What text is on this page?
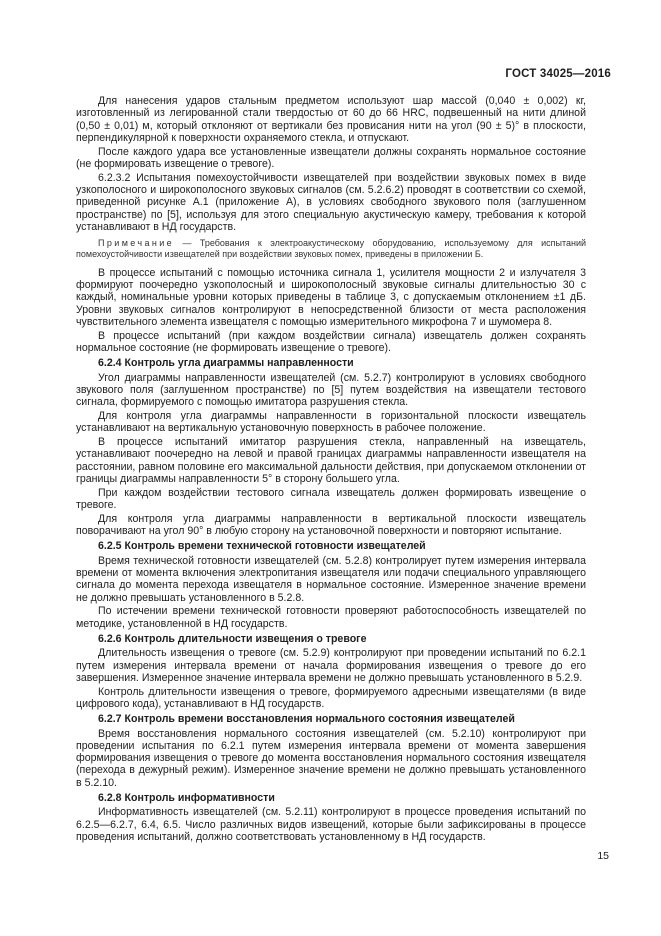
ГОСТ 34025—2016

Для нанесения ударов стальным предметом используют шар массой (0,040 ± 0,002) кг, изготовленный из легированной стали твердостью от 60 до 66 HRC, подвешенный на нити длиной (0,50 ± 0,01) м, который отклоняют от вертикали без провисания нити на угол (90 ± 5)° в плоскости, перпендикулярной к поверхности охраняемого стекла, и отпускают.

После каждого удара все установленные извещатели должны сохранять нормальное состояние (не формировать извещение о тревоге).

6.2.3.2 Испытания помехоустойчивости извещателей при воздействии звуковых помех в виде узкополосного и широкополосного звуковых сигналов (см. 5.2.6.2) проводят в соответствии со схемой, приведенной рисунке А.1 (приложение А), в условиях свободного звукового поля (заглушенном пространстве) по [5], используя для этого специальную акустическую камеру, требования к которой устанавливают в НД государств.

Примечание — Требования к электроакустическому оборудованию, используемому для испытаний помехоустойчивости извещателей при воздействии звуковых помех, приведены в приложении Б.

В процессе испытаний с помощью источника сигнала 1, усилителя мощности 2 и излучателя 3 формируют поочередно узкополосный и широкополосный звуковые сигналы длительностью 30 с каждый, номинальные уровни которых приведены в таблице 3, с допускаемым отклонением ±1 дБ. Уровни звуковых сигналов контролируют в непосредственной близости от места расположения чувствительного элемента извещателя с помощью измерительного микрофона 7 и шумомера 8.

В процессе испытаний (при каждом воздействии сигнала) извещатель должен сохранять нормальное состояние (не формировать извещение о тревоге).

6.2.4 Контроль угла диаграммы направленности

Угол диаграммы направленности извещателей (см. 5.2.7) контролируют в условиях свободного звукового поля (заглушенном пространстве) по [5] путем воздействия на извещатели тестового сигнала, формируемого с помощью имитатора разрушения стекла.

Для контроля угла диаграммы направленности в горизонтальной плоскости извещатель устанавливают на вертикальную установочную поверхность в рабочее положение.

В процессе испытаний имитатор разрушения стекла, направленный на извещатель, устанавливают поочередно на левой и правой границах диаграммы направленности извещателя на расстоянии, равном половине его максимальной дальности действия, при допускаемом отклонении от границы диаграммы направленности 5° в сторону большего угла.

При каждом воздействии тестового сигнала извещатель должен формировать извещение о тревоге.

Для контроля угла диаграммы направленности в вертикальной плоскости извещатель поворачивают на угол 90° в любую сторону на установочной поверхности и повторяют испытание.

6.2.5 Контроль времени технической готовности извещателей

Время технической готовности извещателей (см. 5.2.8) контролирует путем измерения интервала времени от момента включения электропитания извещателя или подачи специального управляющего сигнала до момента перехода извещателя в нормальное состояние. Измеренное значение времени не должно превышать установленного в 5.2.8.

По истечении времени технической готовности проверяют работоспособность извещателей по методике, установленной в НД государств.

6.2.6 Контроль длительности извещения о тревоге

Длительность извещения о тревоге (см. 5.2.9) контролируют при проведении испытаний по 6.2.1 путем измерения интервала времени от начала формирования извещения о тревоге до его завершения. Измеренное значение интервала времени не должно превышать установленного в 5.2.9.

Контроль длительности извещения о тревоге, формируемого адресными извещателями (в виде цифрового кода), устанавливают в НД государств.

6.2.7 Контроль времени восстановления нормального состояния извещателей

Время восстановления нормального состояния извещателей (см. 5.2.10) контролируют при проведении испытания по 6.2.1 путем измерения интервала времени от момента завершения формирования извещения о тревоге до момента восстановления нормального состояния извещателя (перехода в дежурный режим). Измеренное значение времени не должно превышать установленного в 5.2.10.

6.2.8 Контроль информативности

Информативность извещателей (см. 5.2.11) контролируют в процессе проведения испытаний по 6.2.5—6.2.7, 6.4, 6.5. Число различных видов извещений, которые были зафиксированы в процессе проведения испытаний, должно соответствовать установленному в НД государств.

15
